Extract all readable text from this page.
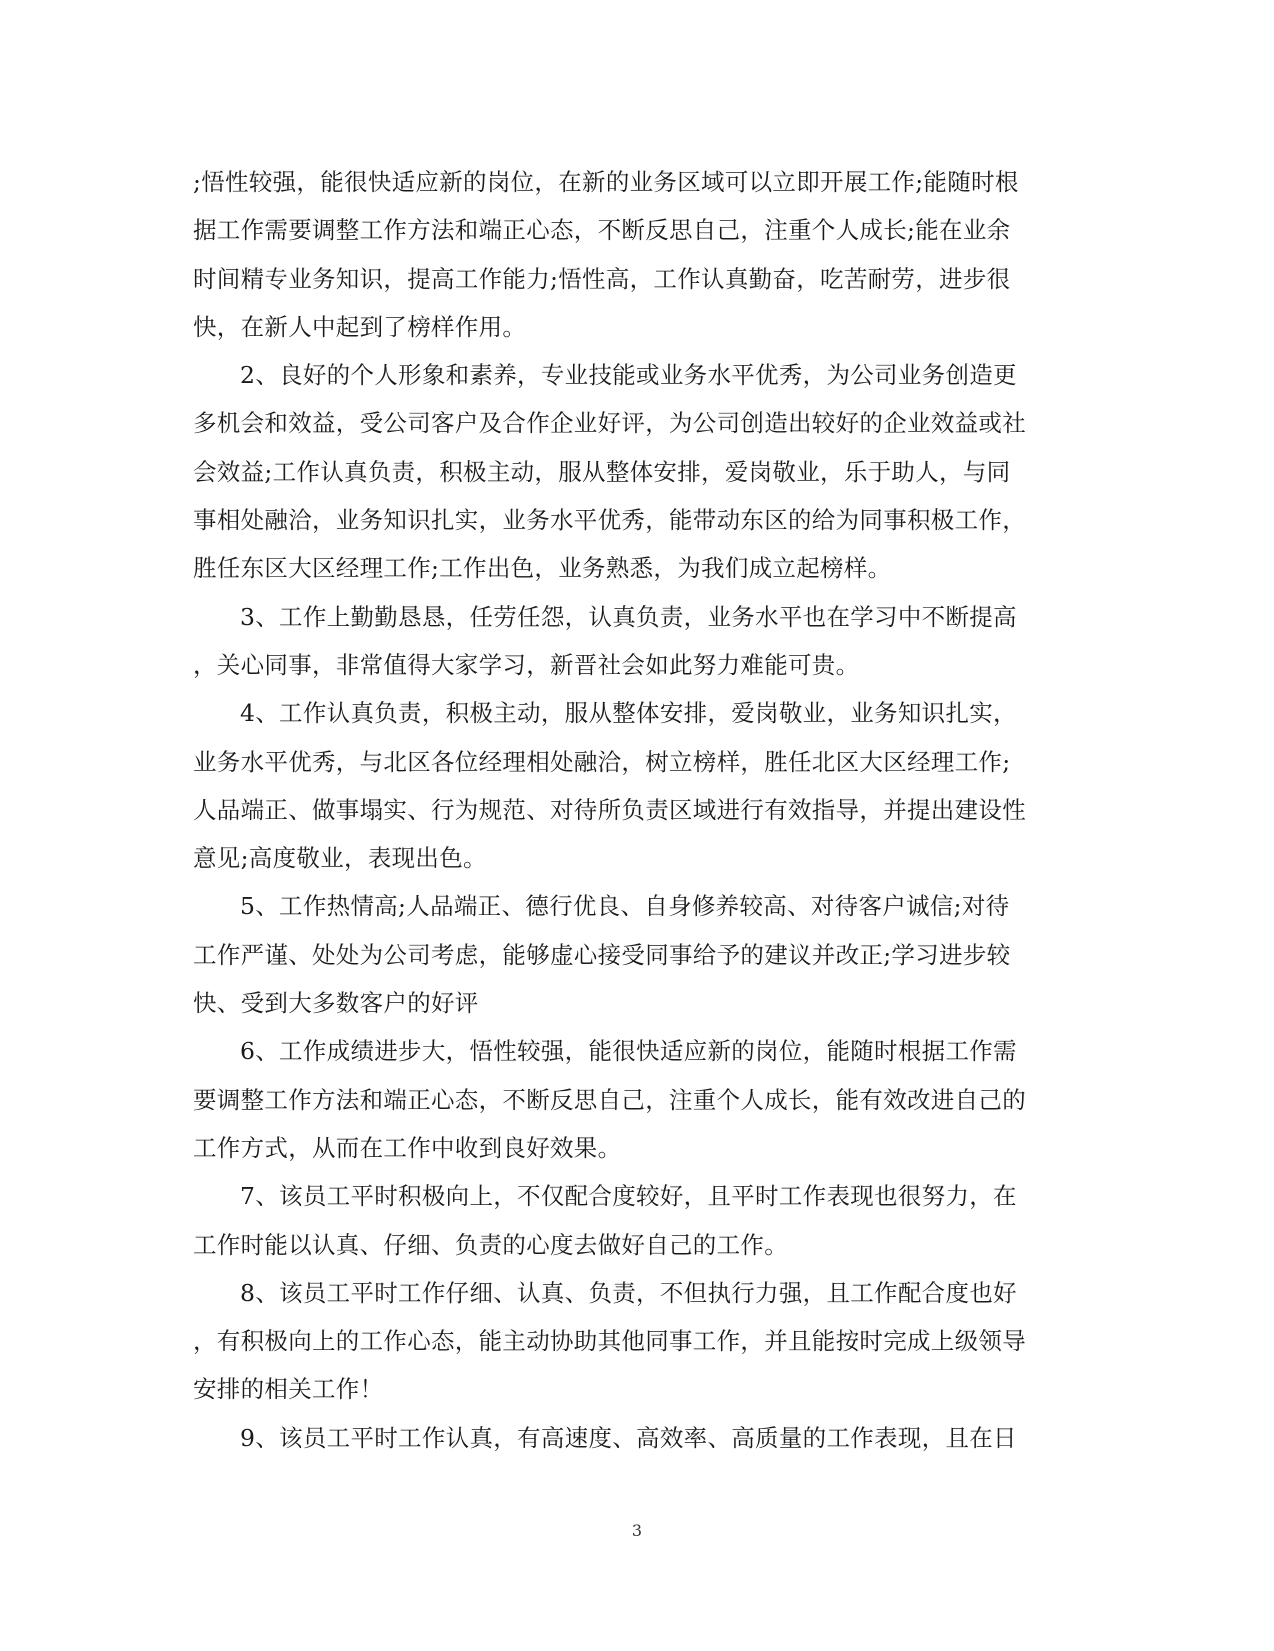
;悟性较强，能很快适应新的岗位，在新的业务区域可以立即开展工作;能随时根
据工作需要调整工作方法和端正心态，不断反思自己，注重个人成长;能在业余
时间精专业务知识，提高工作能力;悟性高，工作认真勤奋，吃苦耐劳，进步很
快，在新人中起到了榜样作用。
2、良好的个人形象和素养，专业技能或业务水平优秀，为公司业务创造更
多机会和效益，受公司客户及合作企业好评，为公司创造出较好的企业效益或社
会效益;工作认真负责，积极主动，服从整体安排，爱岗敬业，乐于助人，与同
事相处融洽，业务知识扎实，业务水平优秀，能带动东区的给为同事积极工作，
胜任东区大区经理工作;工作出色，业务熟悉，为我们成立起榜样。
3、工作上勤勤恳恳，任劳任怨，认真负责，业务水平也在学习中不断提高
，关心同事，非常值得大家学习，新晋社会如此努力难能可贵。
4、工作认真负责，积极主动，服从整体安排，爱岗敬业，业务知识扎实，
业务水平优秀，与北区各位经理相处融洽，树立榜样，胜任北区大区经理工作;
人品端正、做事塌实、行为规范、对待所负责区域进行有效指导，并提出建设性
意见;高度敬业，表现出色。
5、工作热情高;人品端正、德行优良、自身修养较高、对待客户诚信;对待
工作严谨、处处为公司考虑，能够虚心接受同事给予的建议并改正;学习进步较
快、受到大多数客户的好评
6、工作成绩进步大，悟性较强，能很快适应新的岗位，能随时根据工作需
要调整工作方法和端正心态，不断反思自己，注重个人成长，能有效改进自己的
工作方式，从而在工作中收到良好效果。
7、该员工平时积极向上，不仅配合度较好，且平时工作表现也很努力，在
工作时能以认真、仔细、负责的心度去做好自己的工作。
8、该员工平时工作仔细、认真、负责，不但执行力强，且工作配合度也好
，有积极向上的工作心态，能主动协助其他同事工作，并且能按时完成上级领导
安排的相关工作！
9、该员工平时工作认真，有高速度、高效率、高质量的工作表现，且在日
3
